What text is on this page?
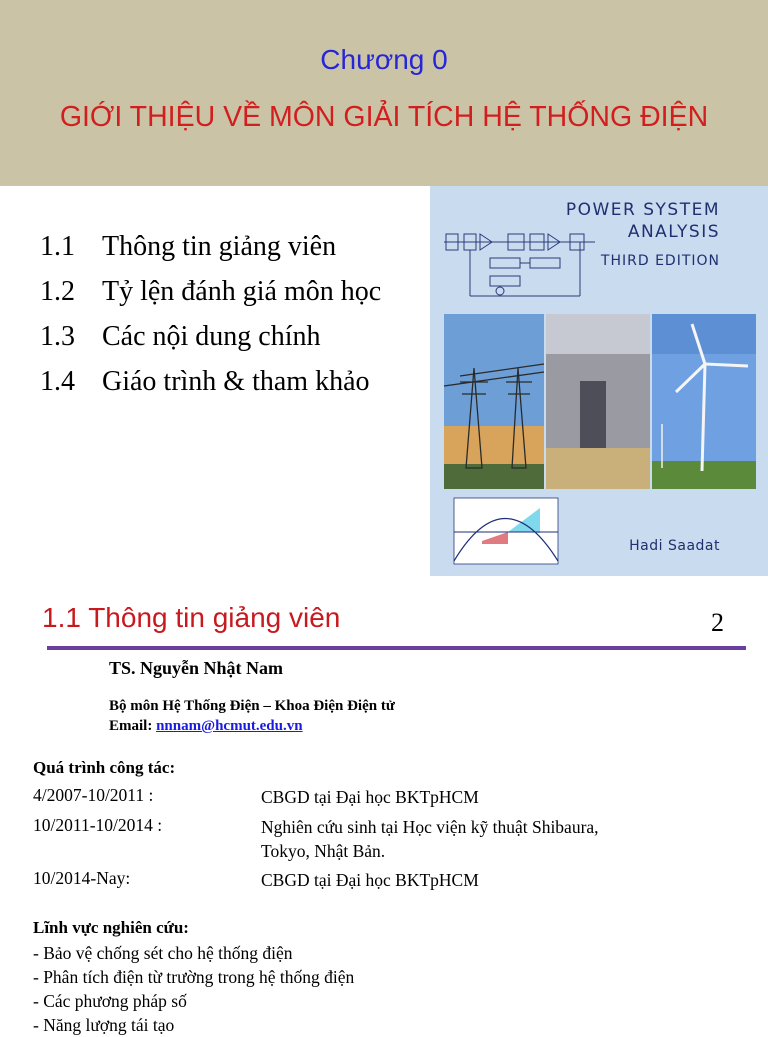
Chương 0
GIỚI THIỆU VỀ MÔN GIẢI TÍCH HỆ THỐNG ĐIỆN
1.1 Thông tin giảng viên
1.2 Tỷ lện đánh giá môn học
1.3 Các nội dung chính
1.4 Giáo trình & tham khảo
POWER SYSTEM
ANALYSIS
THIRD EDITION
Hadi Saadat
1.1 Thông tin giảng viên	2
TS. Nguyễn Nhật Nam
Bộ môn Hệ Thống Điện – Khoa Điện Điện tử
Email: nnnam@hcmut.edu.vn
Quá trình công tác:
4/2007-10/2011 :	CBGD tại Đại học BKTpHCM
10/2011-10/2014 :	Nghiên cứu sinh tại Học viện kỹ thuật Shibaura,
Tokyo, Nhật Bản.
10/2014-Nay:	CBGD tại Đại học BKTpHCM
Lĩnh vực nghiên cứu:
- Bảo vệ chống sét cho hệ thống điện
- Phân tích điện từ trường trong hệ thống điện
- Các phương pháp số
- Năng lượng tái tạo
